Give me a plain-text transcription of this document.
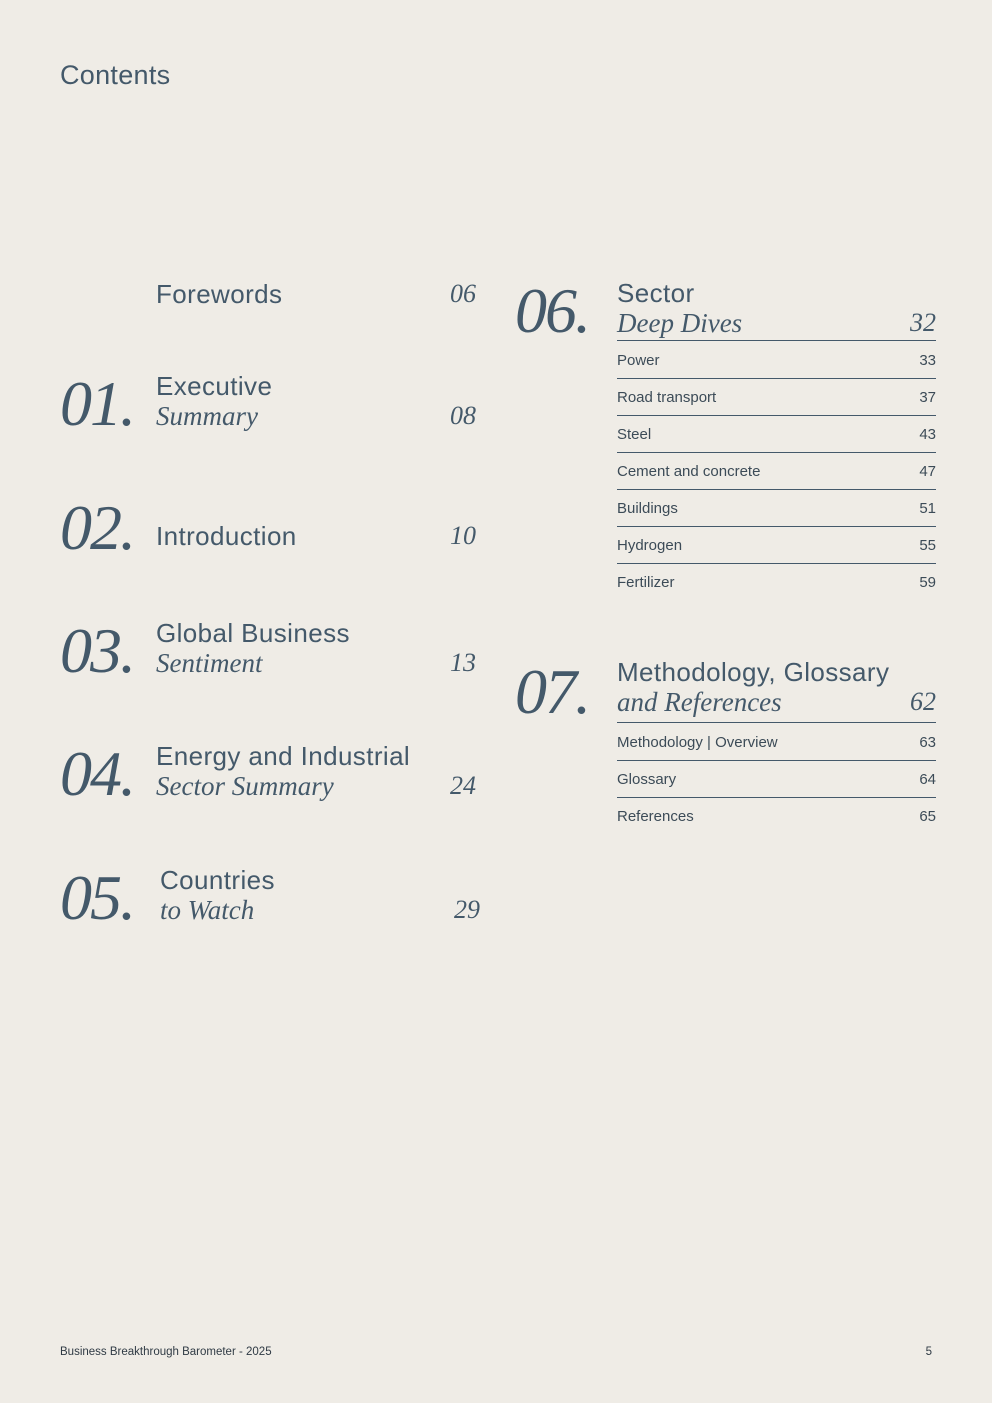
Contents
Forewords	06
01. Executive
Summary	08
02. Introduction	10
03. Global Business
Sentiment	13
04. Energy and Industrial
Sector Summary	24
05. Countries
to Watch	29
06. Sector
Deep Dives	32
Power	33
Road transport	37
Steel	43
Cement and concrete	47
Buildings	51
Hydrogen	55
Fertilizer	59
07. Methodology, Glossary
and References	62
Methodology | Overview	63
Glossary	64
References	65
Business Breakthrough Barometer - 2025	5
